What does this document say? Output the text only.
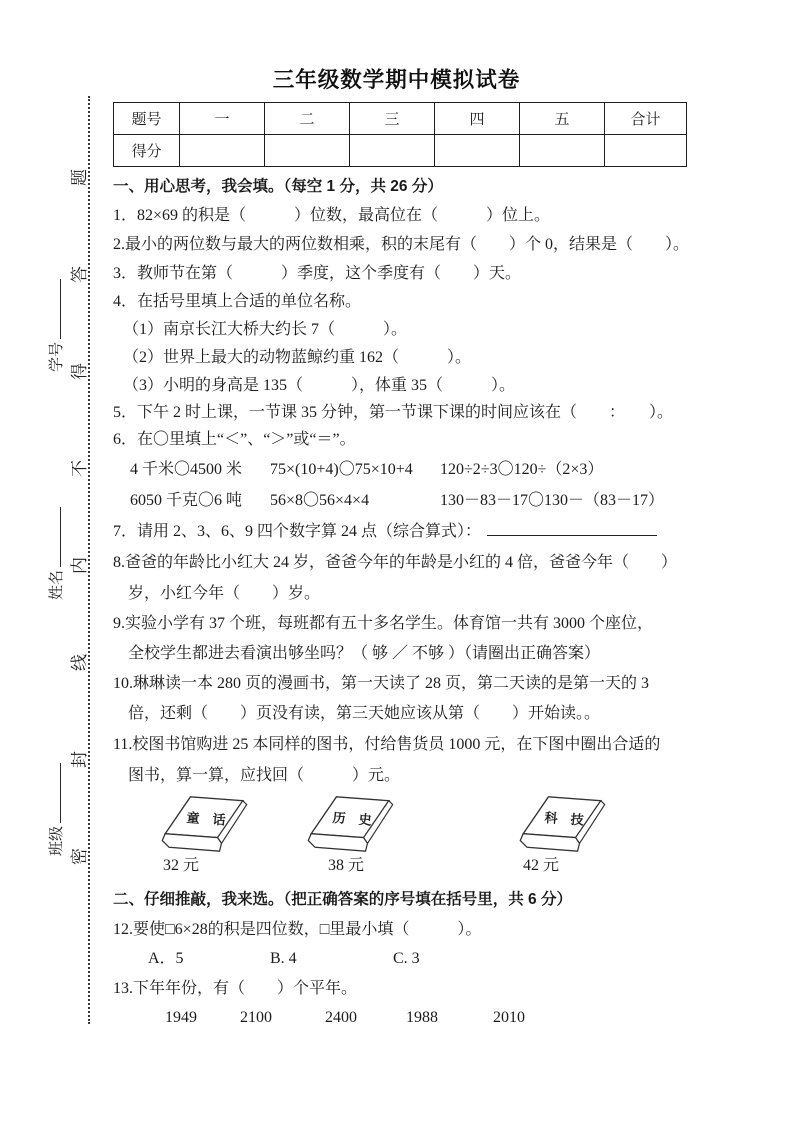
密封线内不得答题
学号
姓名
班级
三年级数学期中模拟试卷
题号	一	二	三	四	五	合计
得分						
一、用心思考，我会填。（每空 1 分，共 26 分）
1．82×69 的积是（　　　）位数，最高位在（　　　）位上。
2.最小的两位数与最大的两位数相乘，积的末尾有（　　）个 0，结果是（　　）。
3．教师节在第（　　　）季度，这个季度有（　　）天。
4．在括号里填上合适的单位名称。
（1）南京长江大桥大约长 7（　　　）。
（2）世界上最大的动物蓝鲸约重 162（　　　）。
（3）小明的身高是 135（　　　），体重 35（　　　）。
5．下午 2 时上课，一节课 35 分钟，第一节课下课的时间应该在（　　：　　）。
6．在〇里填上“＜”、“＞”或“＝”。
4 千米〇4500 米 75×(10+4)〇75×10+4 120÷2÷3〇120÷（2×3）
6050 千克〇6 吨 56×8〇56×4×4	130－83－17〇130－（83－17）
7．请用 2、3、6、9 四个数字算 24 点（综合算式）：
8.爸爸的年龄比小红大 24 岁，爸爸今年的年龄是小红的 4 倍，爸爸今年（　　）
岁，小红今年（　　）岁。
9.实验小学有 37 个班，每班都有五十多名学生。体育馆一共有 3000 个座位，
全校学生都进去看演出够坐吗？（ 够 ／ 不够 ）（请圈出正确答案）
10.琳琳读一本 280 页的漫画书，第一天读了 28 页，第二天读的是第一天的 3
倍，还剩（　　）页没有读，第三天她应该从第（　　）开始读。。
11.校图书馆购进 25 本同样的图书，付给售货员 1000 元，在下图中圈出合适的
图书，算一算，应找回（　　　）元。
童 话	历 史	科 技
32 元	38 元	42 元
二、仔细推敲，我来选。（把正确答案的序号填在括号里，共 6 分）
12.要使□6×28的积是四位数，□里最小填（　　　）。
A．5	B. 4	C. 3
13.下年年份，有（　　）个平年。
1949	2100	2400	1988	2010
